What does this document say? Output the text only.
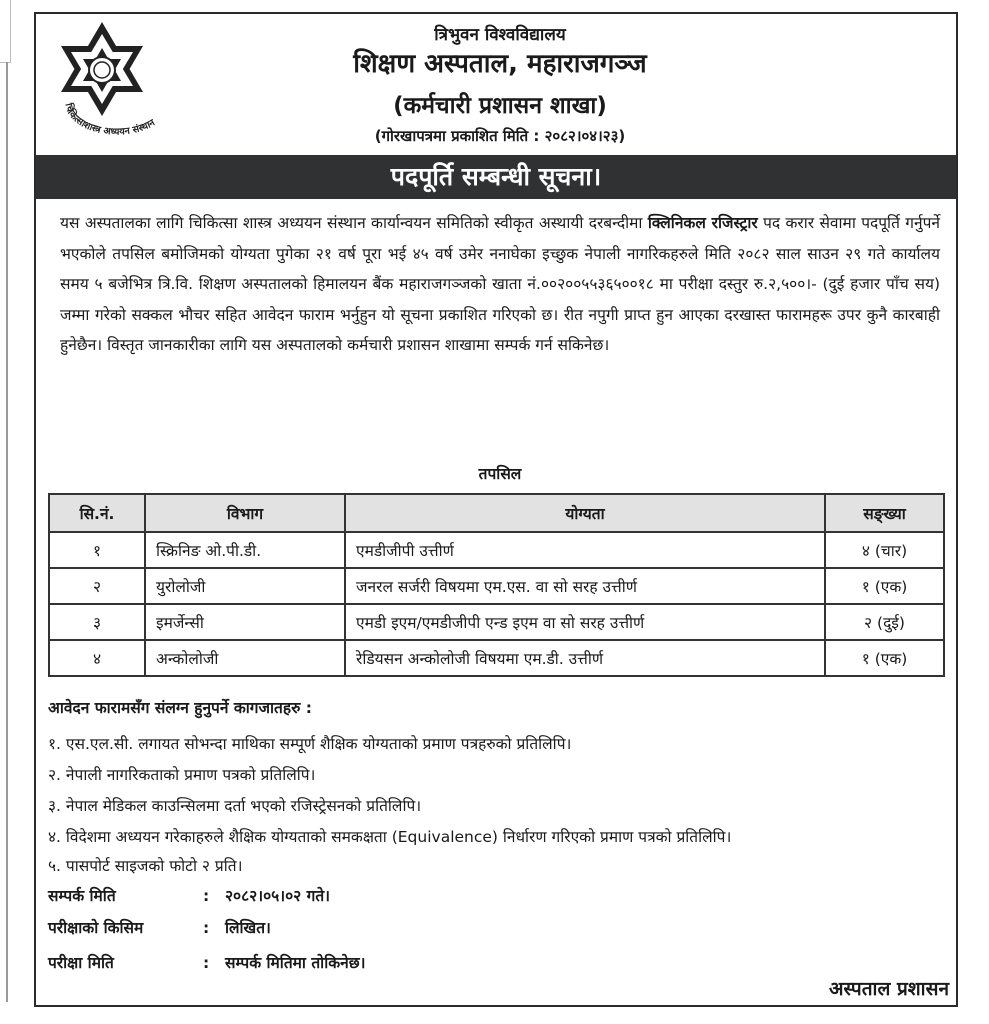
चिकित्साशास्त्र अध्ययन संस्थान
त्रिभुवन विश्वविद्यालय
शिक्षण अस्पताल, महाराजगञ्ज
(कर्मचारी प्रशासन शाखा)
(गोरखापत्रमा प्रकाशित मिति : २०८२।०४।२३)
पदपूर्ति सम्बन्धी सूचना।
यस अस्पतालका लागि चिकित्सा शास्त्र अध्ययन संस्थान कार्यान्वयन समितिको स्वीकृत अस्थायी दरबन्दीमा क्लिनिकल रजिस्ट्रार पद करार सेवामा पदपूर्ति गर्नुपर्ने भएकोले तपसिल बमोजिमको योग्यता पुगेका २१ वर्ष पूरा भई ४५ वर्ष उमेर ननाघेका इच्छुक नेपाली नागरिकहरुले मिति २०८२ साल साउन २९ गते कार्यालय समय ५ बजेभित्र त्रि.वि. शिक्षण अस्पतालको हिमालयन बैंक महाराजगञ्जको खाता नं.००२००५५३६५००१८ मा परीक्षा दस्तुर रु.२,५००।- (दुई हजार पाँच सय) जम्मा गरेको सक्कल भौचर सहित आवेदन फाराम भर्नुहुन यो सूचना प्रकाशित गरिएको छ। रीत नपुगी प्राप्त हुन आएका दरखास्त फारामहरू उपर कुनै कारबाही हुनेछैन। विस्तृत जानकारीका लागि यस अस्पतालको कर्मचारी प्रशासन शाखामा सम्पर्क गर्न सकिनेछ।
तपसिल
सि.नं.	विभाग	योग्यता	सङ्ख्या
१	स्क्रिनिङ ओ.पी.डी.	एमडीजीपी उत्तीर्ण	४ (चार)
२	युरोलोजी	जनरल सर्जरी विषयमा एम.एस. वा सो सरह उत्तीर्ण	१ (एक)
३	इमर्जेन्सी	एमडी इएम/एमडीजीपी एन्ड इएम वा सो सरह उत्तीर्ण	२ (दुई)
४	अन्कोलोजी	रेडियसन अन्कोलोजी विषयमा एम.डी. उत्तीर्ण	१ (एक)
आवेदन फारामसँग संलग्न हुनुपर्ने कागजातहरु :
१. एस.एल.सी. लगायत सोभन्दा माथिका सम्पूर्ण शैक्षिक योग्यताको प्रमाण पत्रहरुको प्रतिलिपि।
२. नेपाली नागरिकताको प्रमाण पत्रको प्रतिलिपि।
३. नेपाल मेडिकल काउन्सिलमा दर्ता भएको रजिस्ट्रेसनको प्रतिलिपि।
४. विदेशमा अध्ययन गरेकाहरुले शैक्षिक योग्यताको समकक्षता (Equivalence) निर्धारण गरिएको प्रमाण पत्रको प्रतिलिपि।
५. पासपोर्ट साइजको फोटो २ प्रति।
सम्पर्क मिति	: २०८२।०५।०२ गते।
परीक्षाको किसिम	: लिखित।
परीक्षा मिति	: सम्पर्क मितिमा तोकिनेछ।
अस्पताल प्रशासन
